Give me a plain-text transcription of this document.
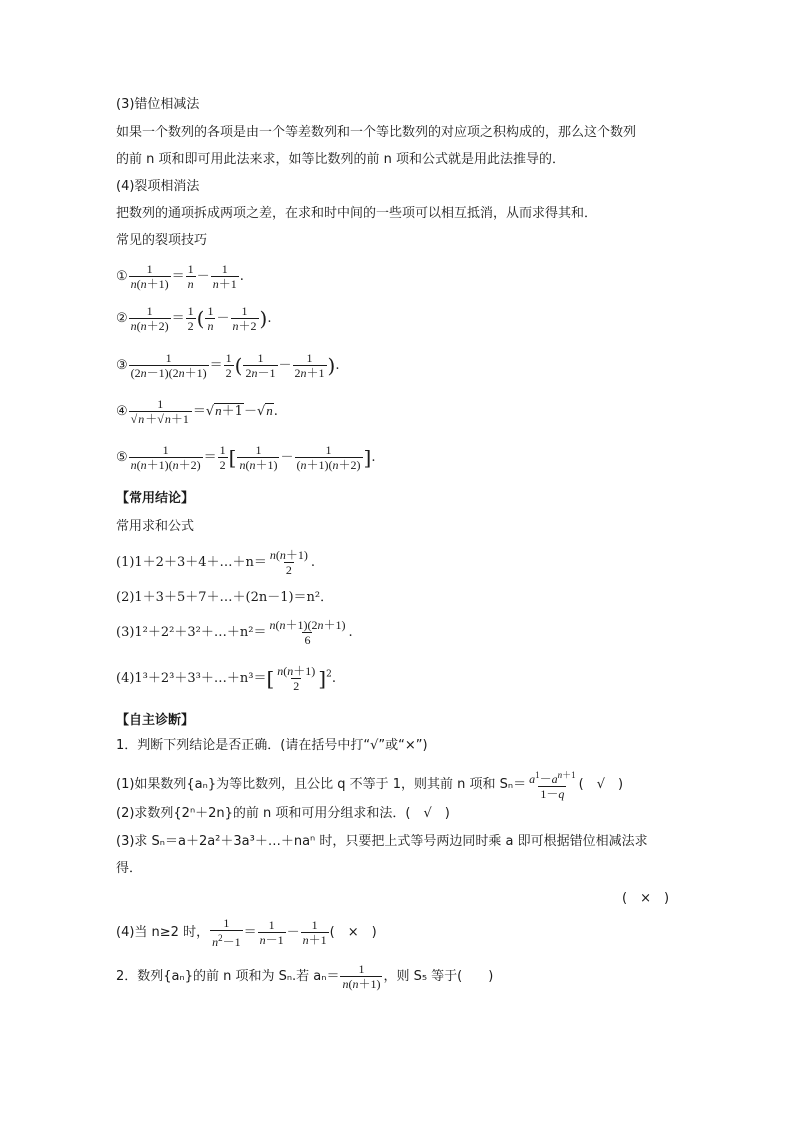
(3)错位相减法
如果一个数列的各项是由一个等差数列和一个等比数列的对应项之积构成的，那么这个数列
的前 n 项和即可用此法来求，如等比数列的前 n 项和公式就是用此法推导的．
(4)裂项相消法
把数列的通项拆成两项之差，在求和时中间的一些项可以相互抵消，从而求得其和．
常见的裂项技巧
① $\frac{1}{n(n+1)} = \frac{1}{n} - \frac{1}{n+1}$ .
② $\frac{1}{n(n+2)} = \frac{1}{2}$ ( $\frac{1}{n} - \frac{1}{n+2}$ ).
③ $\frac{1}{(2n-1)(2n+1)} = \frac{1}{2}$ ( $\frac{1}{2n-1} - \frac{1}{2n+1}$ ).
④ $\frac{1}{√n+√n+1} =√n+1-√n$.
⑤ $\frac{1}{n(n+1)(n+2)} = \frac{1}{2}$ [ $\frac{1}{n(n+1)} - \frac{1}{(n+1)(n+2)}$ ].
【常用结论】
常用求和公式
(1)1＋2＋3＋4＋…＋n＝ $\frac{n(n+1)}{2}$ .
(2)1＋3＋5＋7＋…＋(2n－1)＝n²．
(3)1²＋2²＋3²＋…＋n²＝ $\frac{n(n+1)(2n+1)}{6}$ .
(4)1³＋2³＋3³＋…＋n³＝[ $\frac{n(n+1)}{2} ]^2$.
【自主诊断】
1．判断下列结论是否正确．(请在括号中打“√”或“×”)
(1)如果数列{aₙ}为等比数列，且公比 q 不等于 1，则其前 n 项和 $S_n= \frac{a^1-a^{n+1}}{1-q}$ (　√　)
(2)求数列{2ⁿ＋2n}的前 n 项和可用分组求和法．(　√　)
(3)求 Sₙ＝a＋2a²＋3a³＋…＋naⁿ 时，只要把上式等号两边同时乘 a 即可根据错位相减法求
得．
(　×　)
(4)当 n≥2 时， $\frac{1}{n^2-1} = \frac{1}{n-1} - \frac{1}{n+1}$ (　×　)
2．数列{aₙ}的前 n 项和为 Sₙ.若 $a_n= \frac{1}{n(n+1)}$ ，则 S₅ 等于(　　)
